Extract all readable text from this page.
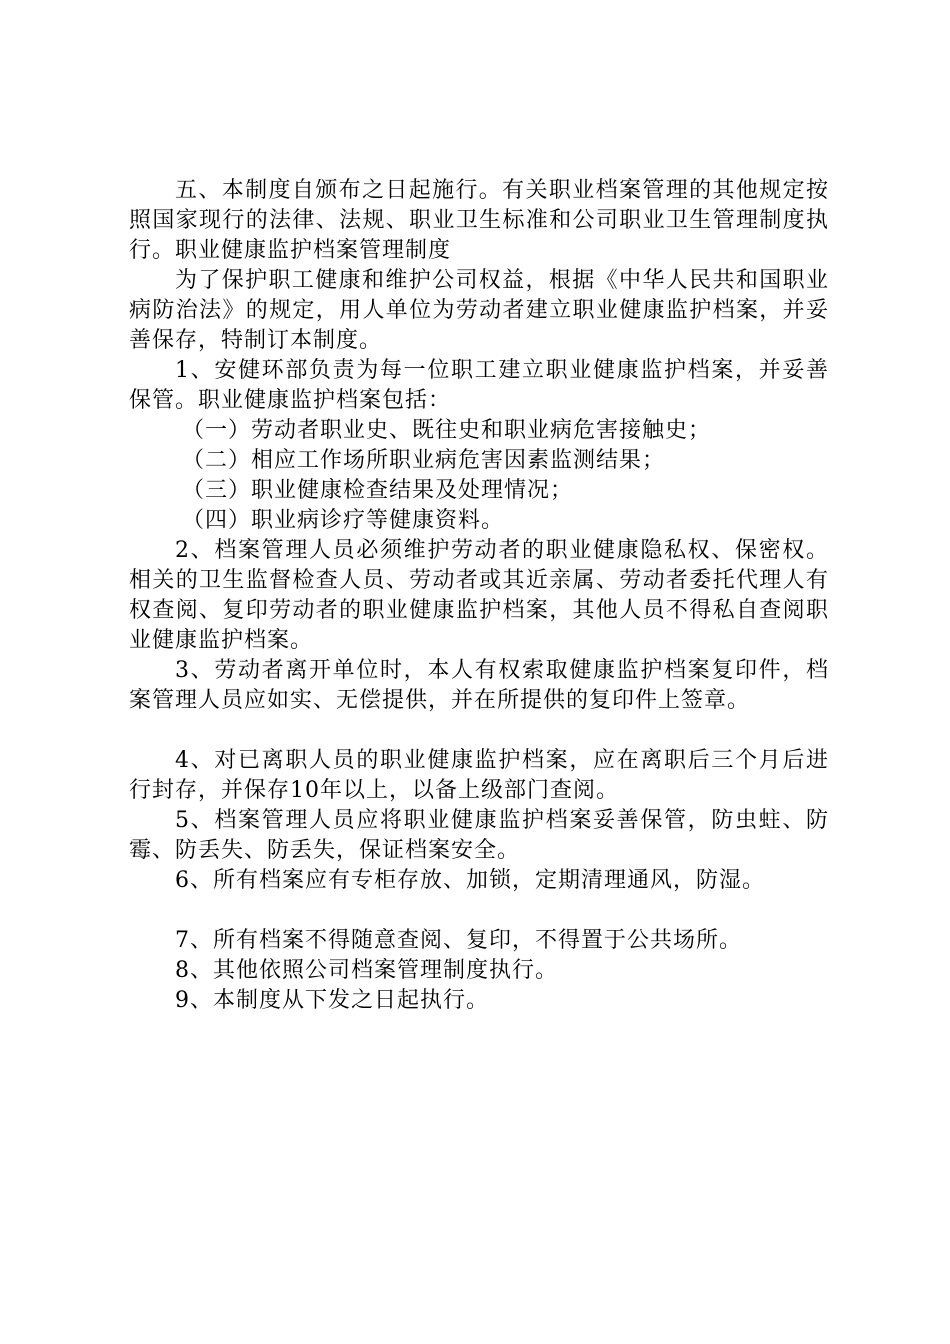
五、本制度自颁布之日起施行。有关职业档案管理的其他规定按照国家现行的法律、法规、职业卫生标准和公司职业卫生管理制度执行。职业健康监护档案管理制度

为了保护职工健康和维护公司权益，根据《中华人民共和国职业病防治法》的规定，用人单位为劳动者建立职业健康监护档案，并妥善保存，特制订本制度。

1、安健环部负责为每一位职工建立职业健康监护档案，并妥善保管。职业健康监护档案包括：

（一）劳动者职业史、既往史和职业病危害接触史；

（二）相应工作场所职业病危害因素监测结果；

（三）职业健康检查结果及处理情况；

（四）职业病诊疗等健康资料。

2、档案管理人员必须维护劳动者的职业健康隐私权、保密权。相关的卫生监督检查人员、劳动者或其近亲属、劳动者委托代理人有权查阅、复印劳动者的职业健康监护档案，其他人员不得私自查阅职业健康监护档案。

3、劳动者离开单位时，本人有权索取健康监护档案复印件，档案管理人员应如实、无偿提供，并在所提供的复印件上签章。

4、对已离职人员的职业健康监护档案，应在离职后三个月后进行封存，并保存10年以上，以备上级部门查阅。

5、档案管理人员应将职业健康监护档案妥善保管，防虫蛀、防霉、防丢失、防丢失，保证档案安全。

6、所有档案应有专柜存放、加锁，定期清理通风，防湿。

7、所有档案不得随意查阅、复印，不得置于公共场所。

8、其他依照公司档案管理制度执行。

9、本制度从下发之日起执行。
